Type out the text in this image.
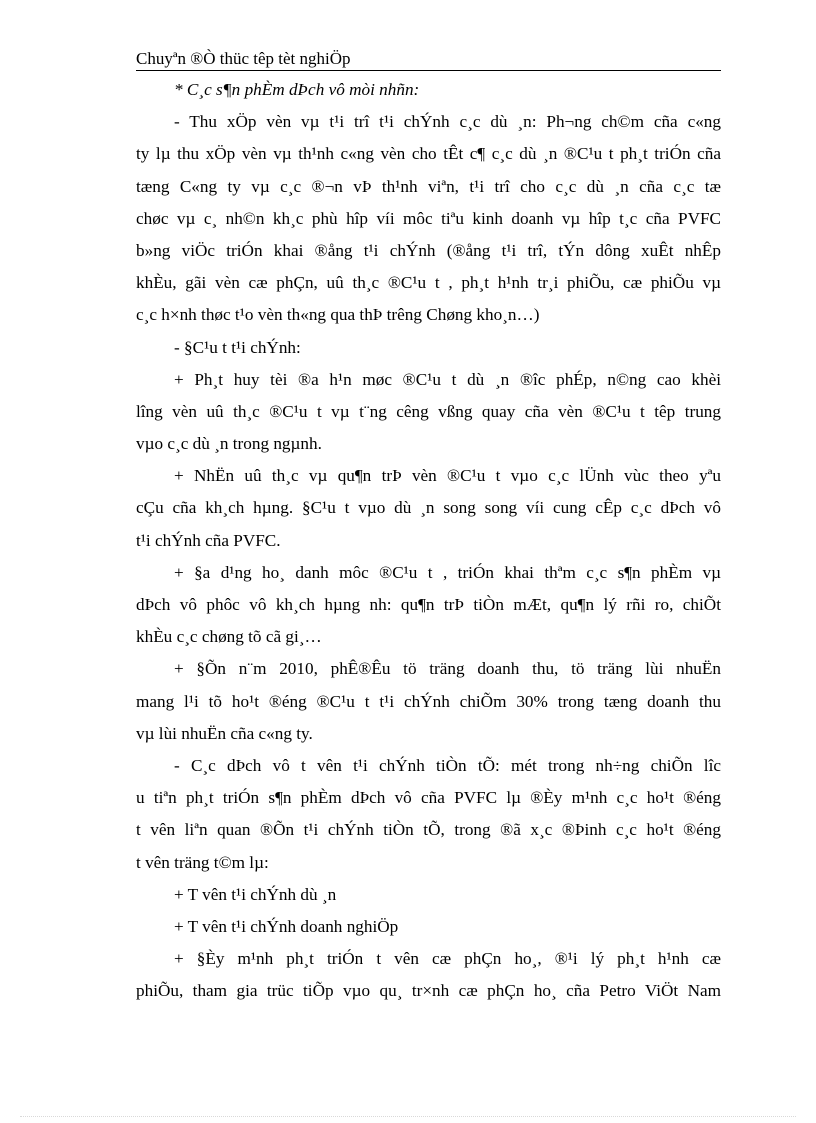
Chuyªn ®Ò thüc têp tèt nghiÖp
* C¸c s¶n phÈm dÞch vô mòi nhñn:
- Thu xÖp vèn vµ t¹i trî t¹i chÝnh c¸c dù ¸n: Ph¬ng ch©m cña c«ng
ty lµ thu xÖp vèn vµ th¹nh c«ng vèn cho tÊt c¶ c¸c dù ¸n ®C¹u t ph¸t triÓn cña
tæng C«ng ty vµ c¸c ®¬n vÞ th¹nh viªn, t¹i trî cho c¸c dù ¸n cña c¸c tæ
chøc vµ c¸ nh©n kh¸c phù hîp víi môc tiªu kinh doanh vµ hîp t¸c cña PVFC
b»ng viÖc triÓn khai ®ång t¹i chÝnh (®ång t¹i trî, tÝn dông xuÊt nhÊp
khÈu, gãi vèn cæ phÇn, uû th¸c ®C¹u t , ph¸t h¹nh tr¸i phiÕu, cæ phiÕu vµ
c¸c h×nh thøc t¹o vèn th«ng qua thÞ trêng Chøng kho¸n…)
- §C¹u t t¹i chÝnh:
+ Ph¸t huy tèi ®a h¹n møc ®C¹u t dù ¸n ®îc phÉp, n©ng cao khèi
lîng vèn uû th¸c ®C¹u t vµ t¨ng cêng vßng quay cña vèn ®C¹u t têp trung
vµo c¸c dù ¸n trong ngµnh.
+ NhËn uû th¸c vµ qu¶n trÞ vèn ®C¹u t vµo c¸c lÜnh vùc theo yªu
cÇu cña kh¸ch hµng. §C¹u t vµo dù ¸n song song víi cung cÊp c¸c dÞch vô
t¹i chÝnh cña PVFC.
+ §a d¹ng ho¸ danh môc ®C¹u t , triÓn khai thªm c¸c s¶n phÈm vµ
dÞch vô phôc vô kh¸ch hµng nh: qu¶n trÞ tiÒn mÆt, qu¶n lý rñi ro, chiÕt
khÈu c¸c chøng tõ cã gi¸…
+ §Õn n¨m 2010, phÊ®Êu tö träng doanh thu, tö träng lùi nhuËn
mang l¹i tõ ho¹t ®éng ®C¹u t t¹i chÝnh chiÕm 30% trong tæng doanh thu
vµ lùi nhuËn cña c«ng ty.
- C¸c dÞch vô t vên t¹i chÝnh tiÒn tÕ: mét trong nh÷ng chiÕn lîc
u tiªn ph¸t triÓn s¶n phÈm dÞch vô cña PVFC lµ ®Èy m¹nh c¸c ho¹t ®éng
t vên liªn quan ®Õn t¹i chÝnh tiÒn tÕ, trong ®ã x¸c ®Þinh c¸c ho¹t ®éng
t vên träng t©m lµ:
+ T vên t¹i chÝnh dù ¸n
+ T vên t¹i chÝnh doanh nghiÖp
+ §Èy m¹nh ph¸t triÓn t vên cæ phÇn ho¸, ®¹i lý ph¸t h¹nh cæ
phiÕu, tham gia trüc tiÕp vµo qu¸ tr×nh cæ phÇn ho¸ cña Petro ViÖt Nam
